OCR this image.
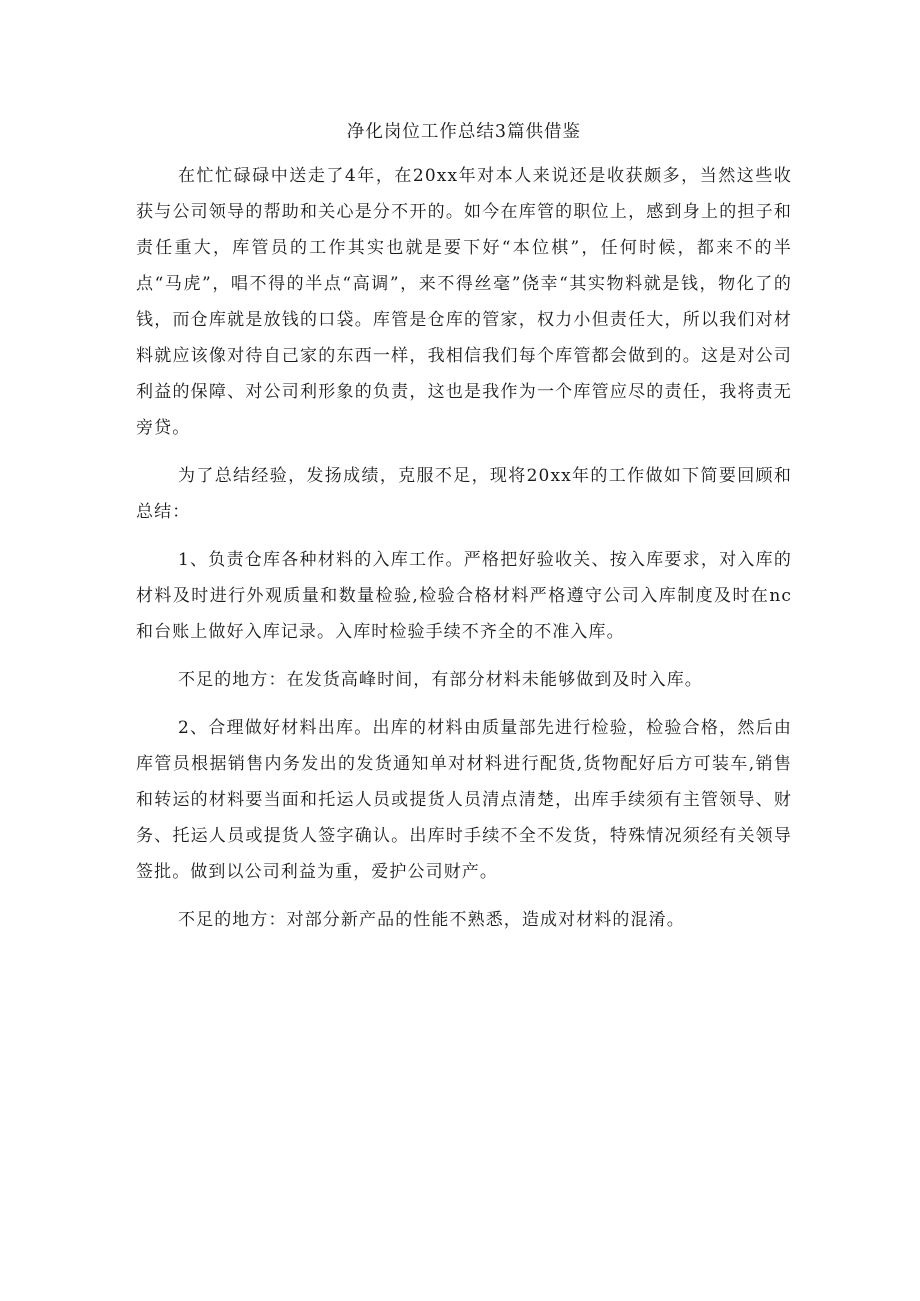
净化岗位工作总结3篇供借鉴

在忙忙碌碌中送走了4年，在20xx年对本人来说还是收获颇多，当然这些收获与公司领导的帮助和关心是分不开的。如今在库管的职位上，感到身上的担子和责任重大，库管员的工作其实也就是要下好“本位棋”，任何时候，都来不的半点“马虎”，唱不得的半点“高调”，来不得丝毫”侥幸“其实物料就是钱，物化了的钱，而仓库就是放钱的口袋。库管是仓库的管家，权力小但责任大，所以我们对材料就应该像对待自己家的东西一样，我相信我们每个库管都会做到的。这是对公司利益的保障、对公司利形象的负责，这也是我作为一个库管应尽的责任，我将责无旁贷。

为了总结经验，发扬成绩，克服不足，现将20xx年的工作做如下简要回顾和总结：

1、负责仓库各种材料的入库工作。严格把好验收关、按入库要求，对入库的材料及时进行外观质量和数量检验,检验合格材料严格遵守公司入库制度及时在nc和台账上做好入库记录。入库时检验手续不齐全的不准入库。

不足的地方：在发货高峰时间，有部分材料未能够做到及时入库。

2、合理做好材料出库。出库的材料由质量部先进行检验，检验合格，然后由库管员根据销售内务发出的发货通知单对材料进行配货,货物配好后方可装车,销售和转运的材料要当面和托运人员或提货人员清点清楚，出库手续须有主管领导、财务、托运人员或提货人签字确认。出库时手续不全不发货，特殊情况须经有关领导签批。做到以公司利益为重，爱护公司财产。

不足的地方：对部分新产品的性能不熟悉，造成对材料的混淆。
